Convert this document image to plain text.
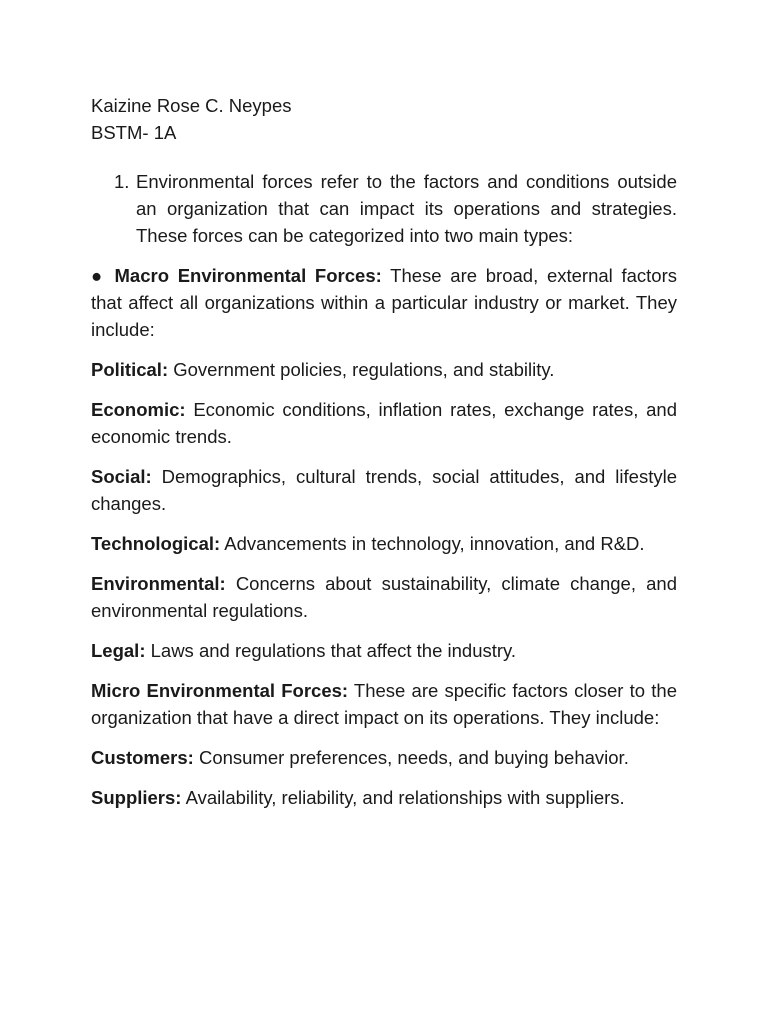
Kaizine Rose C. Neypes

BSTM- 1A

1. Environmental forces refer to the factors and conditions outside an organization that can impact its operations and strategies. These forces can be categorized into two main types:

● Macro Environmental Forces: These are broad, external factors that affect all organizations within a particular industry or market. They include:

Political: Government policies, regulations, and stability.

Economic: Economic conditions, inflation rates, exchange rates, and economic trends.

Social: Demographics, cultural trends, social attitudes, and lifestyle changes.

Technological: Advancements in technology, innovation, and R&D.

Environmental: Concerns about sustainability, climate change, and environmental regulations.

Legal: Laws and regulations that affect the industry.

Micro Environmental Forces: These are specific factors closer to the organization that have a direct impact on its operations. They include:

Customers: Consumer preferences, needs, and buying behavior.

Suppliers: Availability, reliability, and relationships with suppliers.
